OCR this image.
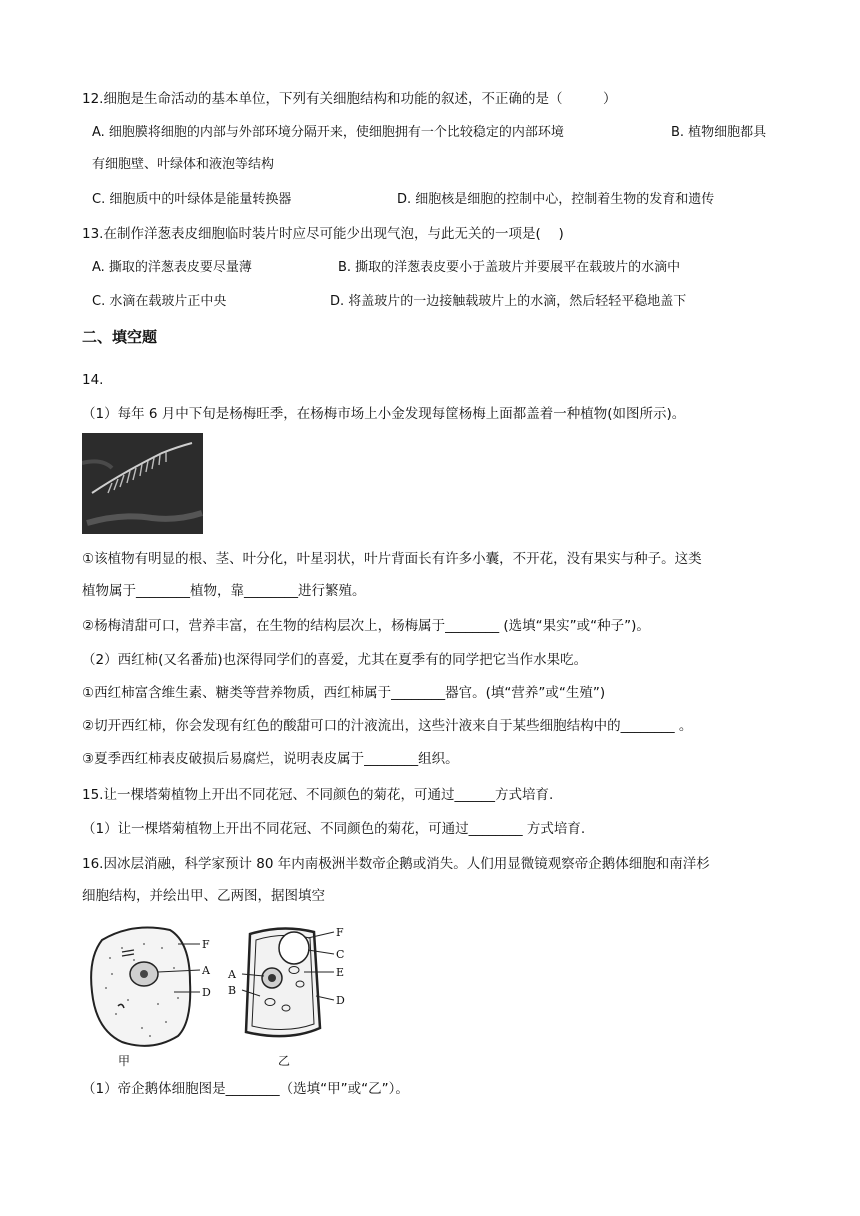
12.细胞是生命活动的基本单位，下列有关细胞结构和功能的叙述，不正确的是（　　　）
A. 细胞膜将细胞的内部与外部环境分隔开来，使细胞拥有一个比较稳定的内部环境	B. 植物细胞都具
有细胞壁、叶绿体和液泡等结构
C. 细胞质中的叶绿体是能量转换器	D. 细胞核是细胞的控制中心，控制着生物的发育和遗传
13.在制作洋葱表皮细胞临时装片时应尽可能少出现气泡，与此无关的一项是(　 )
A. 撕取的洋葱表皮要尽量薄	B. 撕取的洋葱表皮要小于盖玻片并要展平在载玻片的水滴中
C. 水滴在载玻片正中央	D. 将盖玻片的一边接触载玻片上的水滴，然后轻轻平稳地盖下
二、填空题
14.
（1）每年 6 月中下旬是杨梅旺季，在杨梅市场上小金发现每筐杨梅上面都盖着一种植物(如图所示)。
①该植物有明显的根、茎、叶分化，叶星羽状，叶片背面长有许多小囊，不开花，没有果实与种子。这类
植物属于________植物，靠________进行繁殖。
②杨梅清甜可口，营养丰富，在生物的结构层次上，杨梅属于________ (选填“果实”或“种子”)。
（2）西红柿(又名番茄)也深得同学们的喜爱，尤其在夏季有的同学把它当作水果吃。
①西红柿富含维生素、糖类等营养物质，西红柿属于________器官。(填“营养”或“生殖”)
②切开西红柿，你会发现有红色的酸甜可口的汁液流出，这些汁液来自于某些细胞结构中的________ 。
③夏季西红柿表皮破损后易腐烂，说明表皮属于________组织。
15.让一棵塔菊植物上开出不同花冠、不同颜色的菊花，可通过______方式培育.
（1）让一棵塔菊植物上开出不同花冠、不同颜色的菊花，可通过________ 方式培育.
16.因冰层消融，科学家预计 80 年内南极洲半数帝企鹅或消失。人们用显微镜观察帝企鹅体细胞和南洋杉
细胞结构，并绘出甲、乙两图，据图填空
F
A
D
甲
F
C
E
D
A
B
乙
（1）帝企鹅体细胞图是________（选填“甲”或“乙”）。
